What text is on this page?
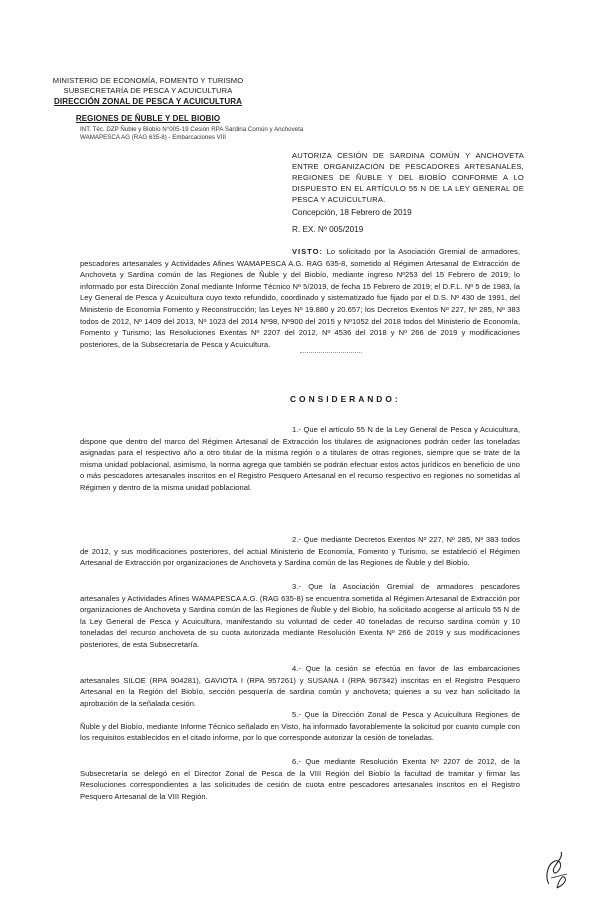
MINISTERIO DE ECONOMÍA, FOMENTO Y TURISMO
SUBSECRETARÍA DE PESCA Y ACUICULTURA
DIRECCIÓN ZONAL DE PESCA Y ACUICULTURA
REGIONES DE ÑUBLE Y DEL BIOBIO
INT. Téc. DZP Ñuble y Biobío N°005-19 Cesión RPA Sardina Común y Anchoveta
WAMAPESCA AG (RAG 635-8) - Embarcaciones VIII
AUTORIZA CESIÓN DE SARDINA COMÚN Y ANCHOVETA ENTRE ORGANIZACIÓN DE PESCADORES ARTESANALES, REGIONES DE ÑUBLE Y DEL BIOBÍO CONFORME A LO DISPUESTO EN EL ARTÍCULO 55 N DE LA LEY GENERAL DE PESCA Y ACUICULTURA.
Concepción, 18 Febrero de 2019
R. EX. Nº 005/2019
VISTO: Lo solicitado por la Asociación Gremial de armadores, pescadores artesanales y Actividades Afines WAMAPESCA A.G. RAG 635-8, sometido al Régimen Artesanal de Extracción de Anchoveta y Sardina común de las Regiones de Ñuble y del Biobío, mediante ingreso Nº253 del 15 Febrero de 2019; lo informado por esta Dirección Zonal mediante Informe Técnico Nº 5/2019, de fecha 15 Febrero de 2019; el D.F.L. Nº 5 de 1983, la Ley General de Pesca y Acuicultura cuyo texto refundido, coordinado y sistematizado fue fijado por el D.S. Nº 430 de 1991, del Ministerio de Economía Fomento y Reconstrucción; las Leyes Nº 19.880 y 20.657; los Decretos Exentos Nº 227, Nº 285, Nº 383 todos de 2012, Nº 1409 del 2013, Nº 1023 del 2014 Nº98, Nº900 del 2015 y Nº1052 del 2018 todos del Ministerio de Economía, Fomento y Turismo; las Resoluciones Exentas Nº 2207 del 2012, Nº 4536 del 2018 y Nº 266 de 2019 y modificaciones posteriores, de la Subsecretaría de Pesca y Acuicultura.
CONSIDERANDO:
1.- Que el artículo 55 N de la Ley General de Pesca y Acuicultura, dispone que dentro del marco del Régimen Artesanal de Extracción los titulares de asignaciones podrán ceder las toneladas asignadas para el respectivo año a otro titular de la misma región o a titulares de otras regiones, siempre que se trate de la misma unidad poblacional, asimismo, la norma agrega que también se podrán efectuar estos actos jurídicos en beneficio de uno o más pescadores artesanales inscritos en el Registro Pesquero Artesanal en el recurso respectivo en regiones no sometidas al Régimen y dentro de la misma unidad poblacional.
2.- Que mediante Decretos Exentos Nº 227, Nº 285, Nº 383 todos de 2012, y sus modificaciones posteriores, del actual Ministerio de Economía, Fomento y Turismo, se estableció el Régimen Artesanal de Extracción por organizaciones de Anchoveta y Sardina común de las Regiones de Ñuble y del Biobío.
3.- Que la Asociación Gremial de armadores pescadores artesanales y Actividades Afines WAMAPESCA A.G. (RAG 635-8) se encuentra sometida al Régimen Artesanal de Extracción por organizaciones de Anchoveta y Sardina común de las Regiones de Ñuble y del Biobío, ha solicitado acogerse al artículo 55 N de la Ley General de Pesca y Acuicultura, manifestando su voluntad de ceder 40 toneladas de recurso sardina común y 10 toneladas del recurso anchoveta de su cuota autorizada mediante Resolución Exenta Nº 266 de 2019 y sus modificaciones posteriores, de esta Subsecretaría.
4.- Que la cesión se efectúa en favor de las embarcaciones artesanales SILOE (RPA 904281), GAVIOTA I (RPA 957261) y SUSANA I (RPA 967342) inscritas en el Registro Pesquero Artesanal en la Región del Biobío, sección pesquería de sardina común y anchoveta; quienes a su vez han solicitado la aprobación de la señalada cesión.
5.- Que la Dirección Zonal de Pesca y Acuicultura Regiones de Ñuble y del Biobío, mediante Informe Técnico señalado en Visto, ha informado favorablemente la solicitud por cuanto cumple con los requisitos establecidos en el citado informe, por lo que corresponde autorizar la cesión de toneladas.
6.- Que mediante Resolución Exenta Nº 2207 de 2012, de la Subsecretaría se delegó en el Director Zonal de Pesca de la VIII Región del Biobío la facultad de tramitar y firmar las Resoluciones correspondientes a las solicitudes de cesión de cuota entre pescadores artesanales inscritos en el Registro Pesquero Artesanal de la VIII Región.
